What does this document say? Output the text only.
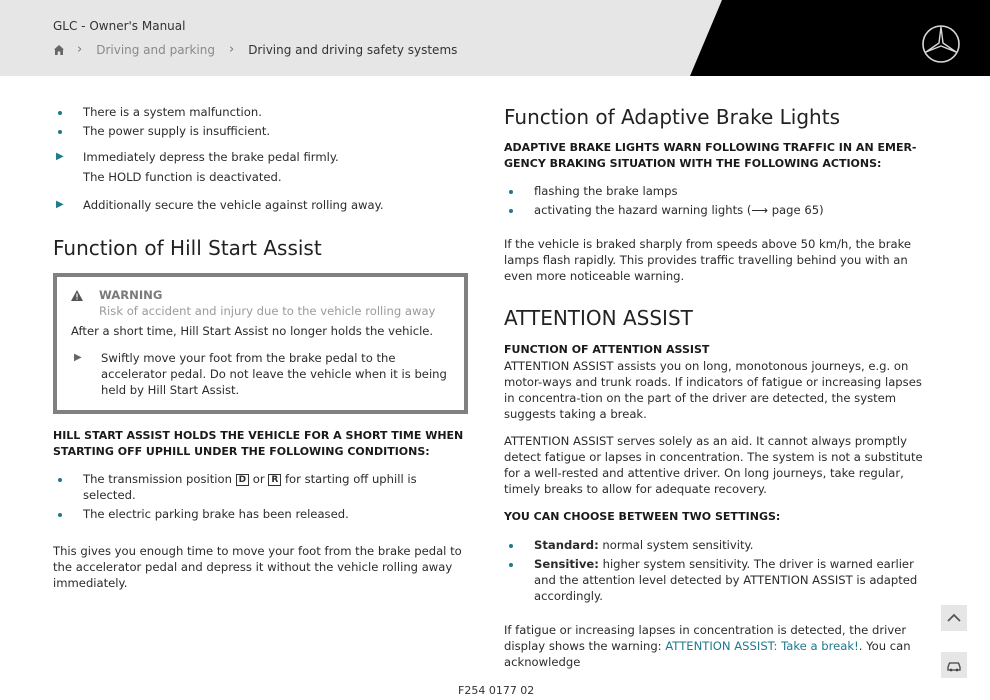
GLC - Owner's Manual
› Driving and parking › Driving and driving safety systems
There is a system malfunction.
The power supply is insufficient.
▶ Immediately depress the brake pedal firmly.
The HOLD function is deactivated.
▶ Additionally secure the vehicle against rolling away.
Function of Hill Start Assist
WARNING
Risk of accident and injury due to the vehicle rolling away
After a short time, Hill Start Assist no longer holds the vehicle.
▶ Swiftly move your foot from the brake pedal to the accelerator pedal. Do not leave the vehicle when it is being held by Hill Start Assist.
HILL START ASSIST HOLDS THE VEHICLE FOR A SHORT TIME WHEN STARTING OFF UPHILL UNDER THE FOLLOWING CONDITIONS:
The transmission position D or R for starting off uphill is selected.
The electric parking brake has been released.
This gives you enough time to move your foot from the brake pedal to the accelerator pedal and depress it without the vehicle rolling away immediately.
Function of Adaptive Brake Lights
ADAPTIVE BRAKE LIGHTS WARN FOLLOWING TRAFFIC IN AN EMER-GENCY BRAKING SITUATION WITH THE FOLLOWING ACTIONS:
flashing the brake lamps
activating the hazard warning lights (⟶ page 65)
If the vehicle is braked sharply from speeds above 50 km/h, the brake lamps flash rapidly. This provides traffic travelling behind you with an even more noticeable warning.
ATTENTION ASSIST
FUNCTION OF ATTENTION ASSIST
ATTENTION ASSIST assists you on long, monotonous journeys, e.g. on motor-ways and trunk roads. If indicators of fatigue or increasing lapses in concentra-tion on the part of the driver are detected, the system suggests taking a break.
ATTENTION ASSIST serves solely as an aid. It cannot always promptly detect fatigue or lapses in concentration. The system is not a substitute for a well-rested and attentive driver. On long journeys, take regular, timely breaks to allow for adequate recovery.
YOU CAN CHOOSE BETWEEN TWO SETTINGS:
Standard: normal system sensitivity.
Sensitive: higher system sensitivity. The driver is warned earlier and the attention level detected by ATTENTION ASSIST is adapted accordingly.
If fatigue or increasing lapses in concentration is detected, the driver display shows the warning: ATTENTION ASSIST: Take a break!. You can acknowledge
F254 0177 02
